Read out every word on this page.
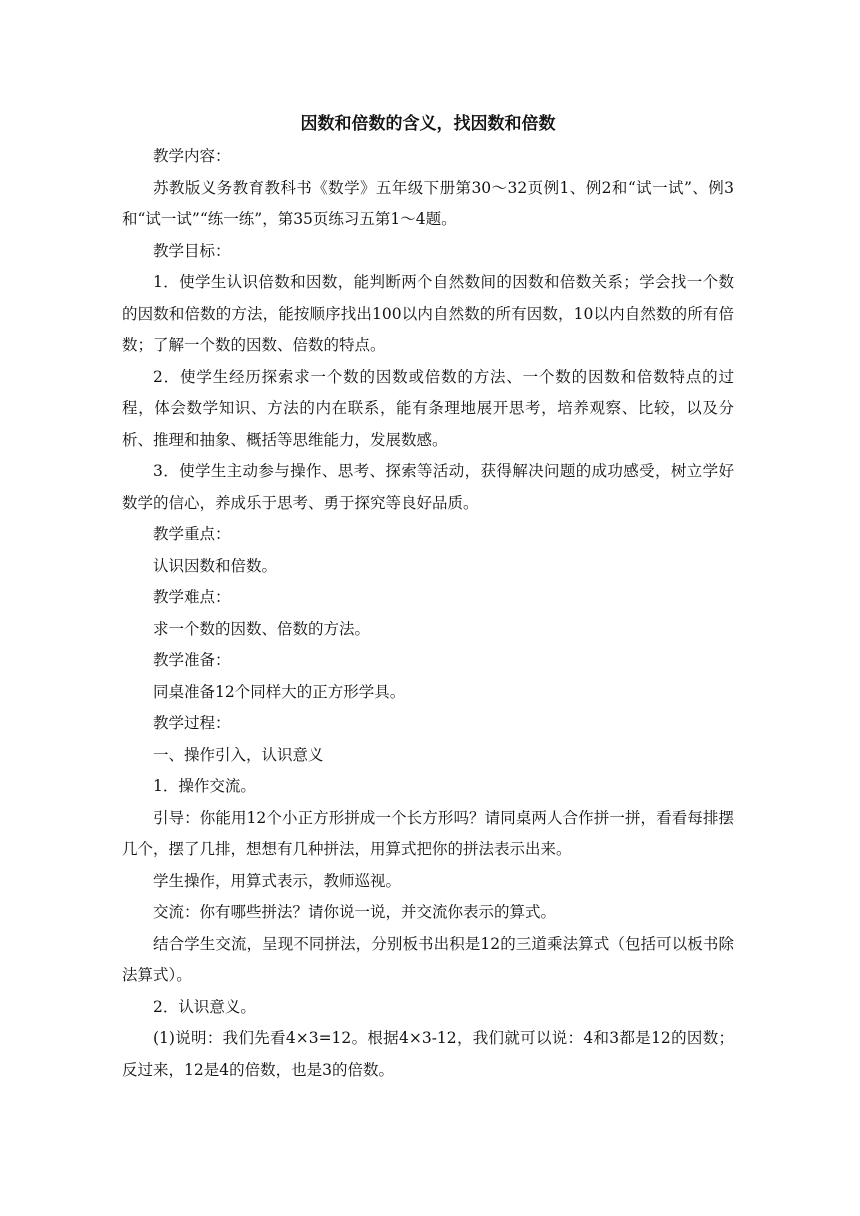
因数和倍数的含义，找因数和倍数

教学内容：

苏教版义务教育教科书《数学》五年级下册第30～32页例1、例2和“试一试”、例3和“试一试”“练一练”，第35页练习五第1～4题。

教学目标：

1．使学生认识倍数和因数，能判断两个自然数间的因数和倍数关系；学会找一个数的因数和倍数的方法，能按顺序找出100以内自然数的所有因数，10以内自然数的所有倍数；了解一个数的因数、倍数的特点。

2．使学生经历探索求一个数的因数或倍数的方法、一个数的因数和倍数特点的过程，体会数学知识、方法的内在联系，能有条理地展开思考，培养观察、比较，以及分析、推理和抽象、概括等思维能力，发展数感。

3．使学生主动参与操作、思考、探索等活动，获得解决问题的成功感受，树立学好数学的信心，养成乐于思考、勇于探究等良好品质。

教学重点：

认识因数和倍数。

教学难点：

求一个数的因数、倍数的方法。

教学准备：

同桌准备12个同样大的正方形学具。

教学过程：

一、操作引入，认识意义

1．操作交流。

引导：你能用12个小正方形拼成一个长方形吗？请同桌两人合作拼一拼，看看每排摆几个，摆了几排，想想有几种拼法，用算式把你的拼法表示出来。

学生操作，用算式表示，教师巡视。

交流：你有哪些拼法？请你说一说，并交流你表示的算式。

结合学生交流，呈现不同拼法，分别板书出积是12的三道乘法算式（包括可以板书除法算式）。

2．认识意义。

(1)说明：我们先看4×3=12。根据4×3-12，我们就可以说：4和3都是12的因数；反过来，12是4的倍数，也是3的倍数。
